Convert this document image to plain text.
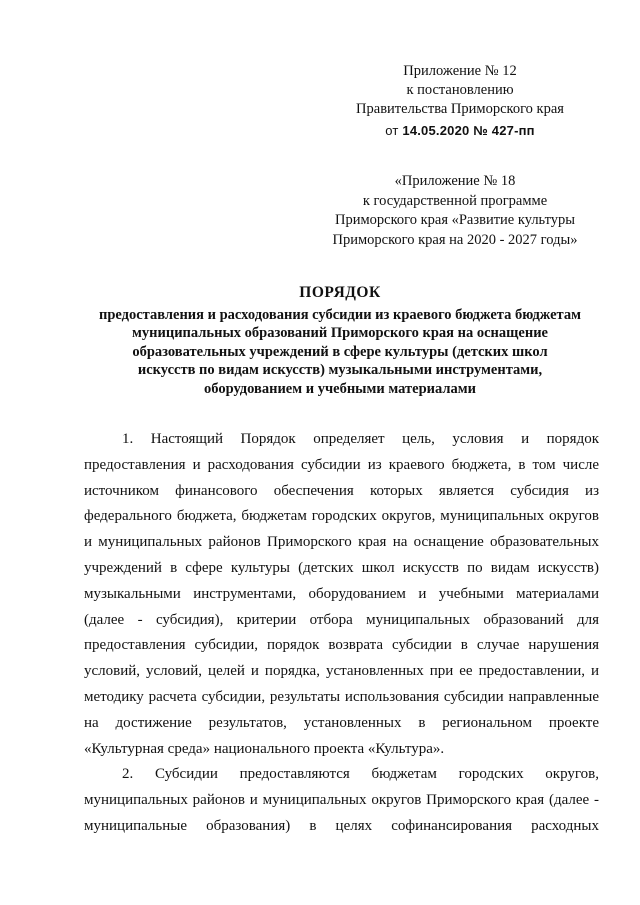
Приложение № 12
к постановлению
Правительства Приморского края
от 14.05.2020 № 427-пп
«Приложение № 18
к государственной программе
Приморского края «Развитие культуры
Приморского края на 2020 - 2027 годы»
ПОРЯДОК
предоставления и расходования субсидии из краевого бюджета бюджетам
муниципальных образований Приморского края на оснащение
образовательных учреждений в сфере культуры (детских школ
искусств по видам искусств) музыкальными инструментами,
оборудованием и учебными материалами
1. Настоящий Порядок определяет цель, условия и порядок
предоставления и расходования субсидии из краевого бюджета, в том числе
источником финансового обеспечения которых является субсидия из
федерального бюджета, бюджетам городских округов, муниципальных округов
и муниципальных районов Приморского края на оснащение образовательных
учреждений в сфере культуры (детских школ искусств по видам искусств)
музыкальными инструментами, оборудованием и учебными материалами
(далее - субсидия), критерии отбора муниципальных образований для
предоставления субсидии, порядок возврата субсидии в случае нарушения
условий, условий, целей и порядка, установленных при ее предоставлении, и
методику расчета субсидии, результаты использования субсидии направленные
на достижение результатов, установленных в региональном проекте
«Культурная среда» национального проекта «Культура».
2. Субсидии предоставляются бюджетам городских округов,
муниципальных районов и муниципальных округов Приморского края (далее -
муниципальные образования) в целях софинансирования расходных
